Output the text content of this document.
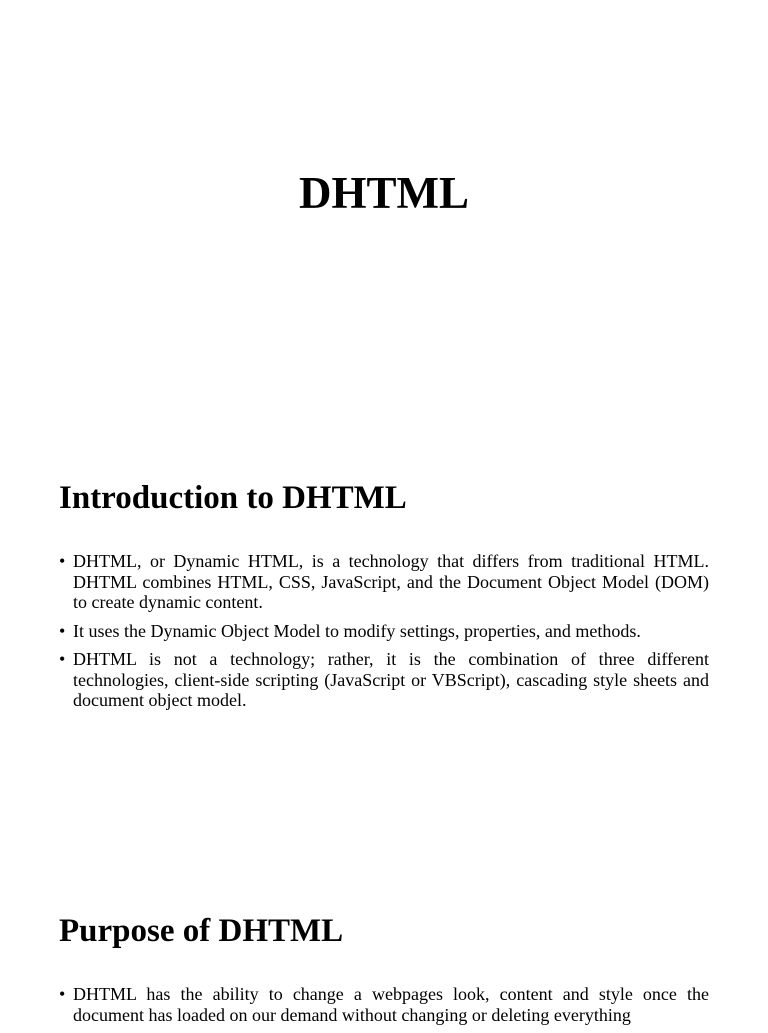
DHTML
Introduction to DHTML
• DHTML, or Dynamic HTML, is a technology that differs from traditional HTML. DHTML combines HTML, CSS, JavaScript, and the Document Object Model (DOM) to create dynamic content.
• It uses the Dynamic Object Model to modify settings, properties, and methods.
• DHTML is not a technology; rather, it is the combination of three different technologies, client-side scripting (JavaScript or VBScript), cascading style sheets and document object model.
Purpose of DHTML
• DHTML has the ability to change a webpages look, content and style once the document has loaded on our demand without changing or deleting everything
